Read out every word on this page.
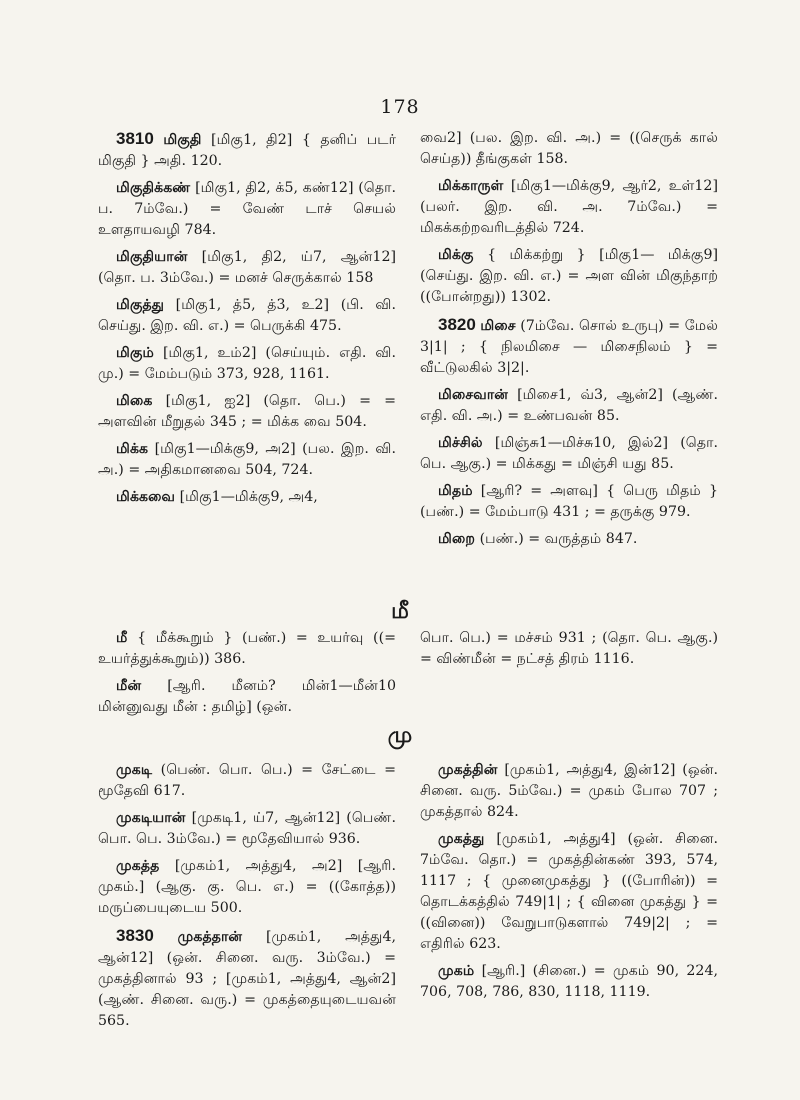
178

3810 மிகுதி [மிகு1, தி2] { தனிப் படர் மிகுதி } அதி. 120.

மிகுதிக்கண் [மிகு1, தி2, க்5, கண்12] (தொ. ப. 7ம்வே.) = வேண் டாச் செயல் உளதாயவழி 784.

மிகுதியான் [மிகு1, தி2, ய்7, ஆன்12] (தொ. ப. 3ம்வே.) = மனச் செருக்கால் 158

மிகுத்து [மிகு1, த்5, த்3, உ2] (பி. வி. செய்து. இற. வி. எ.) = பெருக்கி 475.

மிகும் [மிகு1, உம்2] (செய்யும். எதி. வி. மு.) = மேம்படும் 373, 928, 1161.

மிகை [மிகு1, ஐ2] (தொ. பெ.) = = அளவின் மீறுதல் 345 ; = மிக்க வை 504.

மிக்க [மிகு1—மிக்கு9, அ2] (பல. இற. வி. அ.) = அதிகமானவை 504, 724.

மிக்கவை [மிகு1—மிக்கு9, அ4,

வை2] (பல. இற. வி. அ.) = ((செருக் கால் செய்த)) தீங்குகள் 158.

மிக்காருள் [மிகு1—மிக்கு9, ஆர்2, உள்12] (பலர். இற. வி. அ. 7ம்வே.) = மிகக்கற்றவரிடத்தில் 724.

மிக்கு { மிக்கற்று } [மிகு1— மிக்கு9] (செய்து. இற. வி. எ.) = அள வின் மிகுந்தாற் ((போன்றது)) 1302.

3820 மிசை (7ம்வே. சொல் உருபு) = மேல் 3|1| ; { நிலமிசை — மிசைநிலம் } = வீட்டுலகில் 3|2|.

மிசைவான் [மிசை1, வ்3, ஆன்2] (ஆண். எதி. வி. அ.) = உண்பவன் 85.

மிச்சில் [மிஞ்சு1—மிச்சு10, இல்2] (தொ. பெ. ஆகு.) = மிக்கது = மிஞ்சி யது 85.

மிதம் [ஆரி? = அளவு] { பெரு மிதம் } (பண்.) = மேம்பாடு 431 ; = தருக்கு 979.

மிறை (பண்.) = வருத்தம் 847.

மீ

மீ { மீக்கூறும் } (பண்.) = உயர்வு ((= உயர்த்துக்கூறும்)) 386.

மீன் [ஆரி. மீனம்? மின்1—மீன்10 மின்னுவது மீன் : தமிழ்] (ஒன்.

பொ. பெ.) = மச்சம் 931 ; (தொ. பெ. ஆகு.) = விண்மீன் = நட்சத் திரம் 1116.

மு

முகடி (பெண். பொ. பெ.) = சேட்டை = மூதேவி 617.

முகடியான் [முகடி1, ய்7, ஆன்12] (பெண். பொ. பெ. 3ம்வே.) = மூதேவியால் 936.

முகத்த [முகம்1, அத்து4, அ2] [ஆரி. முகம்.] (ஆகு. கு. பெ. எ.) = ((கோத்த)) மருப்பையுடைய 500.

3830 முகத்தான் [முகம்1, அத்து4, ஆன்12] (ஒன். சினை. வரு. 3ம்வே.) = முகத்தினால் 93 ; [முகம்1, அத்து4, ஆன்2] (ஆண். சினை. வரு.) = முகத்தையுடையவன் 565.

முகத்தின் [முகம்1, அத்து4, இன்12] (ஒன். சினை. வரு. 5ம்வே.) = முகம் போல 707 ; முகத்தால் 824.

முகத்து [முகம்1, அத்து4] (ஒன். சினை. 7ம்வே. தொ.) = முகத்தின்கண் 393, 574, 1117 ; { முனைமுகத்து } ((போரின்)) = தொடக்கத்தில் 749|1| ; { வினை முகத்து } = ((வினை)) வேறுபாடுகளால் 749|2| ; = எதிரில் 623.

முகம் [ஆரி.] (சினை.) = முகம் 90, 224, 706, 708, 786, 830, 1118, 1119.
